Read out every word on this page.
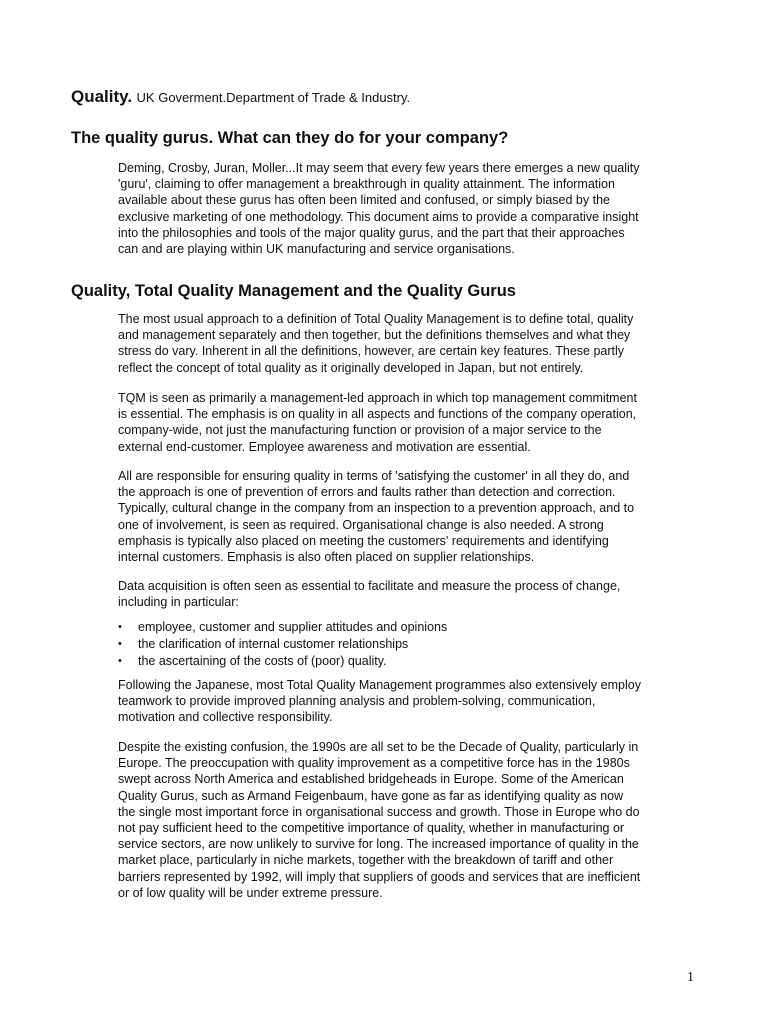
Quality. UK Goverment.Department of Trade & Industry.
The quality gurus. What can they do for your company?
Deming, Crosby, Juran, Moller...It may seem that every few years there emerges a new quality
'guru', claiming to offer management a breakthrough in quality attainment. The information
available about these gurus has often been limited and confused, or simply biased by the
exclusive marketing of one methodology. This document aims to provide a comparative insight
into the philosophies and tools of the major quality gurus, and the part that their approaches
can and are playing within UK manufacturing and service organisations.
Quality, Total Quality Management and the Quality Gurus
The most usual approach to a definition of Total Quality Management is to define total, quality
and management separately and then together, but the definitions themselves and what they
stress do vary. Inherent in all the definitions, however, are certain key features. These partly
reflect the concept of total quality as it originally developed in Japan, but not entirely.
TQM is seen as primarily a management-led approach in which top management commitment
is essential. The emphasis is on quality in all aspects and functions of the company operation,
company-wide, not just the manufacturing function or provision of a major service to the
external end-customer. Employee awareness and motivation are essential.
All are responsible for ensuring quality in terms of 'satisfying the customer' in all they do, and
the approach is one of prevention of errors and faults rather than detection and correction.
Typically, cultural change in the company from an inspection to a prevention approach, and to
one of involvement, is seen as required. Organisational change is also needed. A strong
emphasis is typically also placed on meeting the customers' requirements and identifying
internal customers. Emphasis is also often placed on supplier relationships.
Data acquisition is often seen as essential to facilitate and measure the process of change,
including in particular:
• employee, customer and supplier attitudes and opinions
• the clarification of internal customer relationships
• the ascertaining of the costs of (poor) quality.
Following the Japanese, most Total Quality Management programmes also extensively employ
teamwork to provide improved planning analysis and problem-solving, communication,
motivation and collective responsibility.
Despite the existing confusion, the 1990s are all set to be the Decade of Quality, particularly in
Europe. The preoccupation with quality improvement as a competitive force has in the 1980s
swept across North America and established bridgeheads in Europe. Some of the American
Quality Gurus, such as Armand Feigenbaum, have gone as far as identifying quality as now
the single most important force in organisational success and growth. Those in Europe who do
not pay sufficient heed to the competitive importance of quality, whether in manufacturing or
service sectors, are now unlikely to survive for long. The increased importance of quality in the
market place, particularly in niche markets, together with the breakdown of tariff and other
barriers represented by 1992, will imply that suppliers of goods and services that are inefficient
or of low quality will be under extreme pressure.
1
